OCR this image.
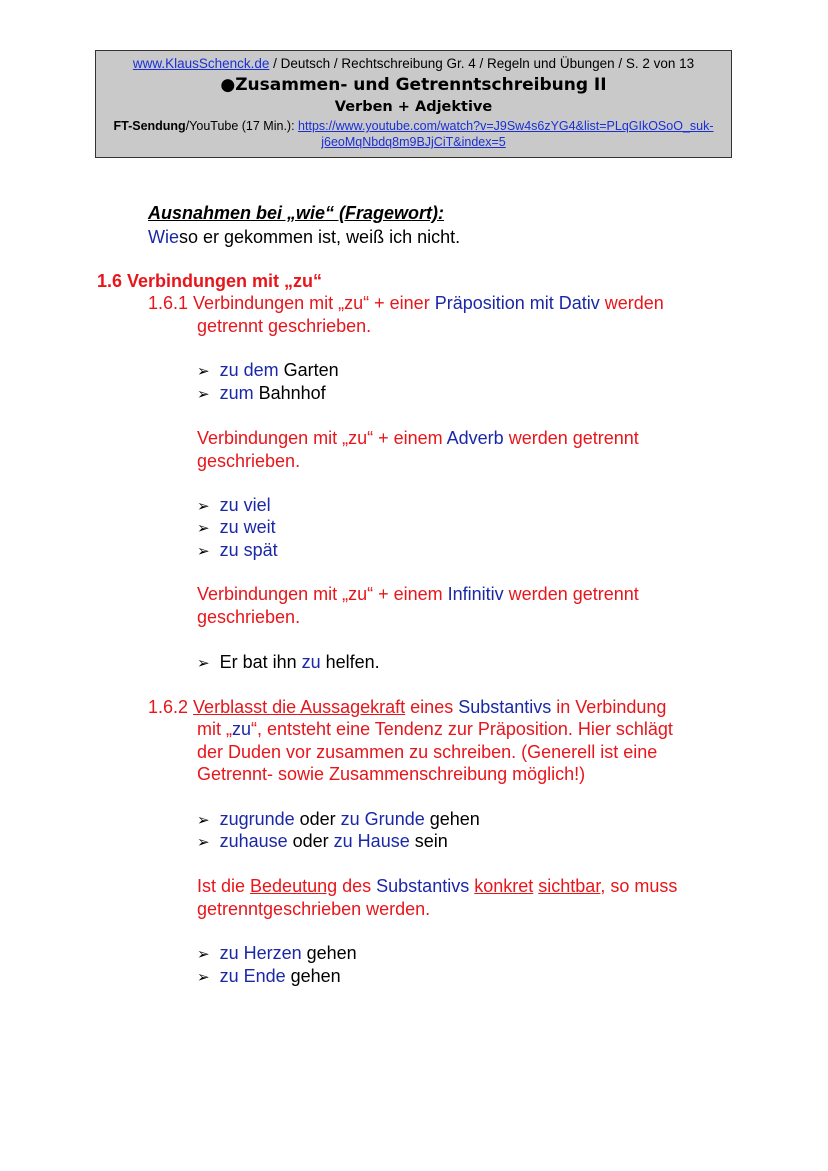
www.KlausSchenck.de / Deutsch / Rechtschreibung Gr. 4 / Regeln und Übungen / S. 2 von 13
●Zusammen- und Getrenntschreibung II
Verben + Adjektive
FT-Sendung/YouTube (17 Min.): https://www.youtube.com/watch?v=J9Sw4s6zYG4&list=PLqGIkOSoO_suk-
j6eoMqNbdq8m9BJjCiT&index=5
Ausnahmen bei „wie“ (Fragewort):
Wieso er gekommen ist, weiß ich nicht.
1.6 Verbindungen mit „zu“
1.6.1 Verbindungen mit „zu“ + einer Präposition mit Dativ werden
getrennt geschrieben.
➢ zu dem Garten
➢ zum Bahnhof
Verbindungen mit „zu“ + einem Adverb werden getrennt
geschrieben.
➢ zu viel
➢ zu weit
➢ zu spät
Verbindungen mit „zu“ + einem Infinitiv werden getrennt
geschrieben.
➢ Er bat ihn zu helfen.
1.6.2 Verblasst die Aussagekraft eines Substantivs in Verbindung
mit „zu“, entsteht eine Tendenz zur Präposition. Hier schlägt
der Duden vor zusammen zu schreiben. (Generell ist eine
Getrennt- sowie Zusammenschreibung möglich!)
➢ zugrunde oder zu Grunde gehen
➢ zuhause oder zu Hause sein
Ist die Bedeutung des Substantivs konkret sichtbar, so muss
getrenntgeschrieben werden.
➢ zu Herzen gehen
➢ zu Ende gehen
